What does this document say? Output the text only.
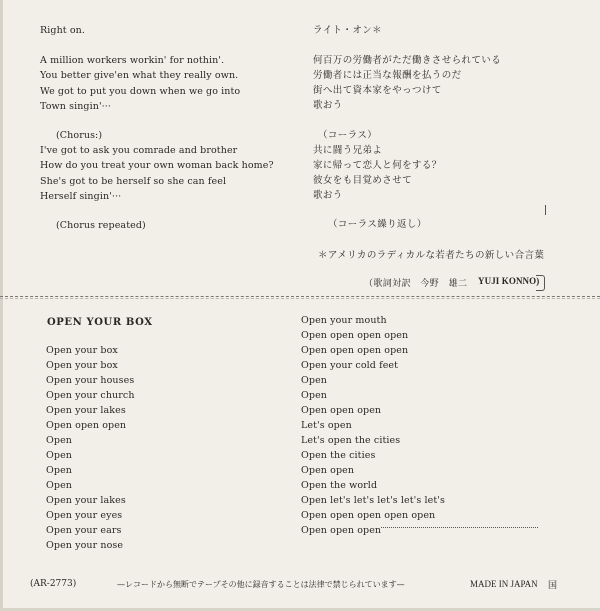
Right on.
A million workers workin' for nothin'.
You better give'en what they really own.
We got to put you down when we go into
Town singin'···
(Chorus:)
I've got to ask you comrade and brother
How do you treat your own woman back home?
She's got to be herself so she can feel
Herself singin'···
(Chorus repeated)
ライト・オン＊
何百万の労働者がただ働きさせられている
労働者には正当な報酬を払うのだ
街へ出て資本家をやっつけて
歌おう
（コーラス）
共に闘う兄弟よ
家に帰って恋人と何をする？
彼女をも目覚めさせて
歌おう
（コーラス繰り返し）
＊アメリカのラディカルな若者たちの新しい合言葉
（歌詞対訳　今野　雄二 YUJI KONNO)
OPEN YOUR BOX
Open your box
Open your box
Open your houses
Open your church
Open your lakes
Open open open
Open
Open
Open
Open
Open your lakes
Open your eyes
Open your ears
Open your nose
Open your mouth
Open open open open
Open open open open
Open your cold feet
Open
Open
Open open open
Let's open
Let's open the cities
Open the cities
Open open
Open the world
Open let's let's let's let's let's
Open open open open open
Open open open
(AR-2773)	—レコードから無断でテープその他に録音することは法律で禁じられています—	MADE IN JAPAN 国
